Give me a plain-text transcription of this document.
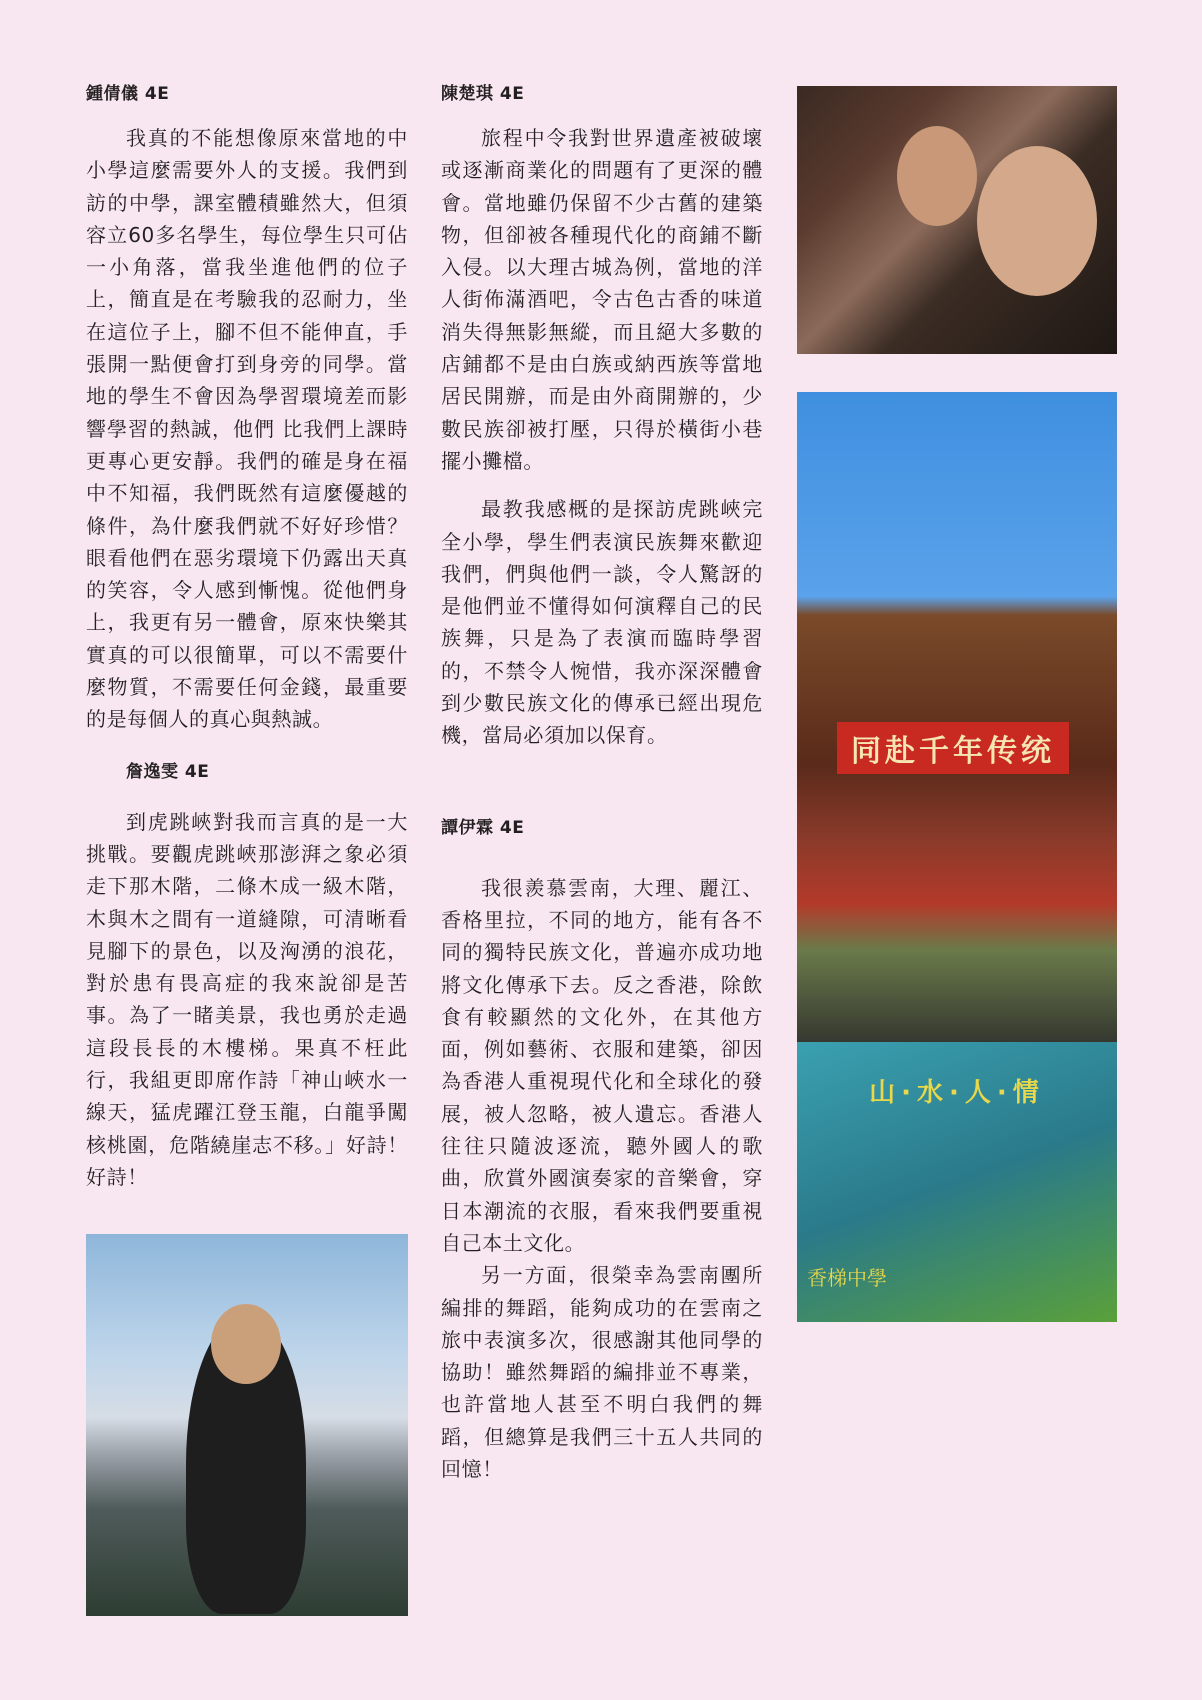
鍾倩儀 4E

我真的不能想像原來當地的中小學這麼需要外人的支援。我們到訪的中學，課室體積雖然大，但須容立60多名學生，每位學生只可佔一小角落，當我坐進他們的位子上，簡直是在考驗我的忍耐力，坐在這位子上，腳不但不能伸直，手張開一點便會打到身旁的同學。當地的學生不會因為學習環境差而影響學習的熱誠，他們 比我們上課時更專心更安靜。我們的確是身在福中不知福，我們既然有這麼優越的條件，為什麼我們就不好好珍惜？眼看他們在惡劣環境下仍露出天真的笑容，令人感到慚愧。從他們身上，我更有另一體會，原來快樂其實真的可以很簡單，可以不需要什麼物質，不需要任何金錢，最重要的是每個人的真心與熱誠。

詹逸雯 4E

到虎跳峽對我而言真的是一大挑戰。要觀虎跳峽那澎湃之象必須走下那木階，二條木成一級木階，木與木之間有一道縫隙，可清晰看見腳下的景色，以及洶湧的浪花，對於患有畏高症的我來說卻是苦事。為了一睹美景，我也勇於走過這段長長的木樓梯。果真不枉此行，我組更即席作詩「神山峽水一線天，猛虎躍江登玉龍，白龍爭闖核桃園，危階繞崖志不移。」好詩！好詩！

陳楚琪 4E

旅程中令我對世界遺產被破壞或逐漸商業化的問題有了更深的體會。當地雖仍保留不少古舊的建築物，但卻被各種現代化的商鋪不斷入侵。以大理古城為例，當地的洋人街佈滿酒吧，令古色古香的味道消失得無影無縱，而且絕大多數的店鋪都不是由白族或納西族等當地居民開辦，而是由外商開辦的，少數民族卻被打壓，只得於橫街小巷擺小攤檔。

最教我感概的是探訪虎跳峽完全小學，學生們表演民族舞來歡迎我們，們與他們一談，令人驚訝的是他們並不懂得如何演釋自己的民族舞，只是為了表演而臨時學習的，不禁令人惋惜，我亦深深體會到少數民族文化的傳承已經出現危機，當局必須加以保育。

譚伊霖 4E

我很羨慕雲南，大理、麗江、香格里拉，不同的地方，能有各不同的獨特民族文化，普遍亦成功地將文化傳承下去。反之香港，除飲食有較顯然的文化外，在其他方面，例如藝術、衣服和建築，卻因為香港人重視現代化和全球化的發展，被人忽略，被人遺忘。香港人往往只隨波逐流，聽外國人的歌曲，欣賞外國演奏家的音樂會，穿日本潮流的衣服，看來我們要重視自己本土文化。

另一方面，很榮幸為雲南團所編排的舞蹈，能夠成功的在雲南之旅中表演多次，很感謝其他同學的協助！雖然舞蹈的編排並不專業，也許當地人甚至不明白我們的舞蹈，但總算是我們三十五人共同的回憶！

同赴千年传统
山·水·人·情
香梯中學
